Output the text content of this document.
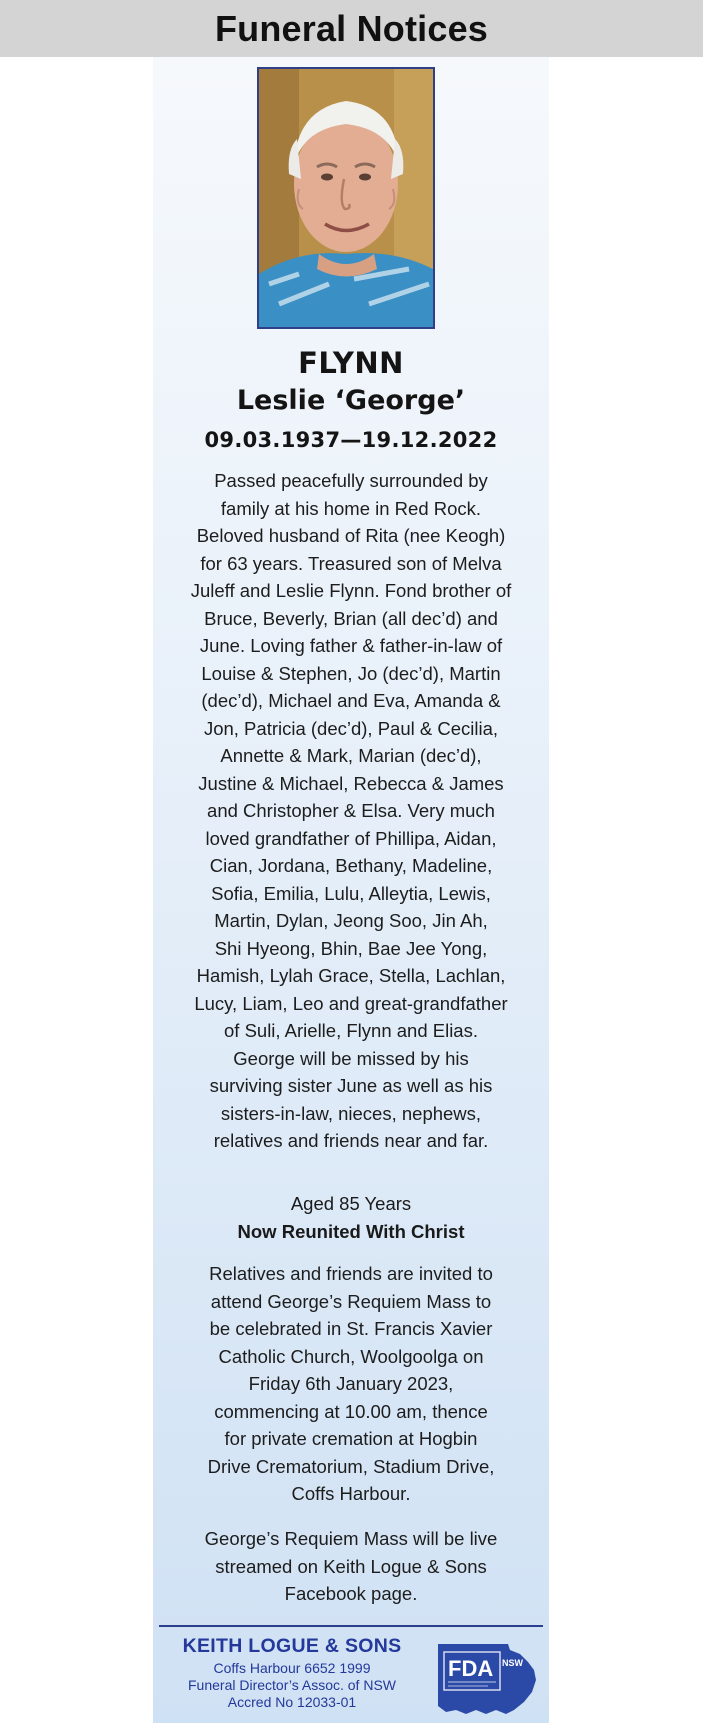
Funeral Notices
FLYNN
Leslie ‘George’
09.03.1937—19.12.2022
Passed peacefully surrounded by
family at his home in Red Rock.
Beloved husband of Rita (nee Keogh)
for 63 years. Treasured son of Melva
Juleff and Leslie Flynn. Fond brother of
Bruce, Beverly, Brian (all dec’d) and
June. Loving father & father-in-law of
Louise & Stephen, Jo (dec’d), Martin
(dec’d), Michael and Eva, Amanda &
Jon, Patricia (dec’d), Paul & Cecilia,
Annette & Mark, Marian (dec’d),
Justine & Michael, Rebecca & James
and Christopher & Elsa. Very much
loved grandfather of Phillipa, Aidan,
Cian, Jordana, Bethany, Madeline,
Sofia, Emilia, Lulu, Alleytia, Lewis,
Martin, Dylan, Jeong Soo, Jin Ah,
Shi Hyeong, Bhin, Bae Jee Yong,
Hamish, Lylah Grace, Stella, Lachlan,
Lucy, Liam, Leo and great-grandfather
of Suli, Arielle, Flynn and Elias.
George will be missed by his
surviving sister June as well as his
sisters-in-law, nieces, nephews,
relatives and friends near and far.
Aged 85 Years
Now Reunited With Christ
Relatives and friends are invited to
attend George’s Requiem Mass to
be celebrated in St. Francis Xavier
Catholic Church, Woolgoolga on
Friday 6th January 2023,
commencing at 10.00 am, thence
for private cremation at Hogbin
Drive Crematorium, Stadium Drive,
Coffs Harbour.
George’s Requiem Mass will be live
streamed on Keith Logue & Sons
Facebook page.
KEITH LOGUE & SONS
Coffs Harbour 6652 1999
Funeral Director’s Assoc. of NSW
Accred No 12033-01
FDA NSW
